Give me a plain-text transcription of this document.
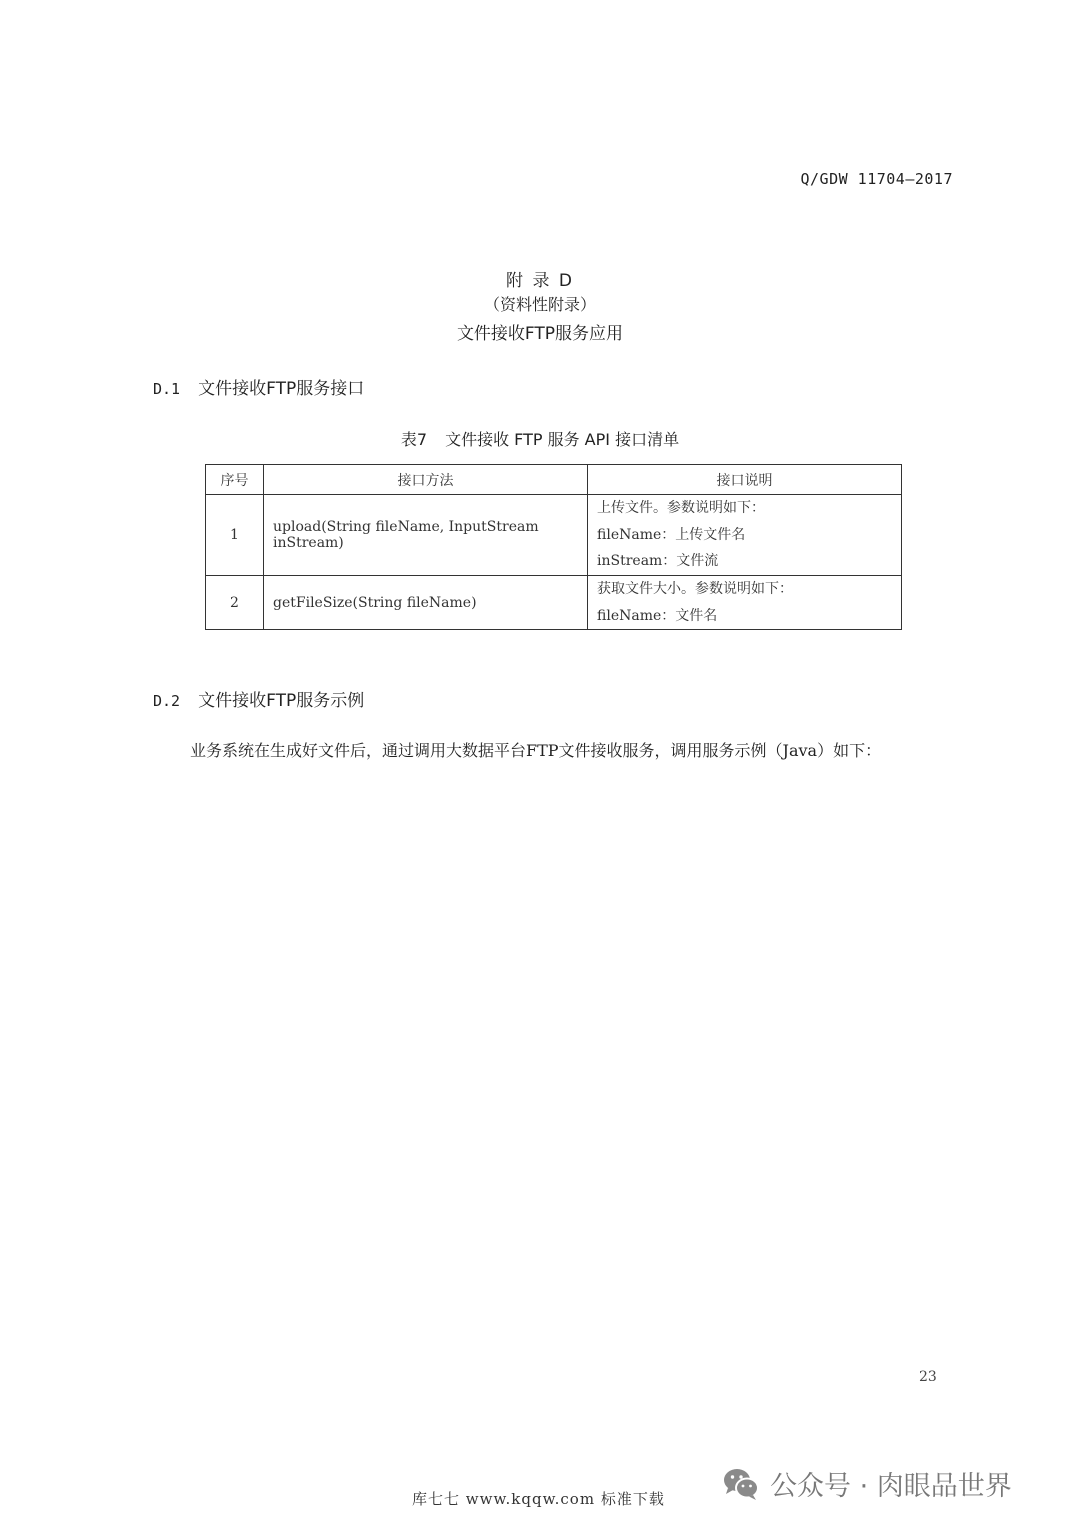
Q/GDW 11704—2017
附 录 D
（资料性附录）
文件接收FTP服务应用
D.1 文件接收FTP服务接口
表7 文件接收 FTP 服务 API 接口清单
序号	接口方法	接口说明
1	upload(String fileName, InputStream inStream)	上传文件。参数说明如下：
fileName：上传文件名
inStream：文件流

2	getFileSize(String fileName)	获取文件大小。参数说明如下：
fileName：文件名
D.2 文件接收FTP服务示例
业务系统在生成好文件后，通过调用大数据平台FTP文件接收服务，调用服务示例（Java）如下：
23
库七七 www.kqqw.com 标准下载	公众号 · 肉眼品世界
